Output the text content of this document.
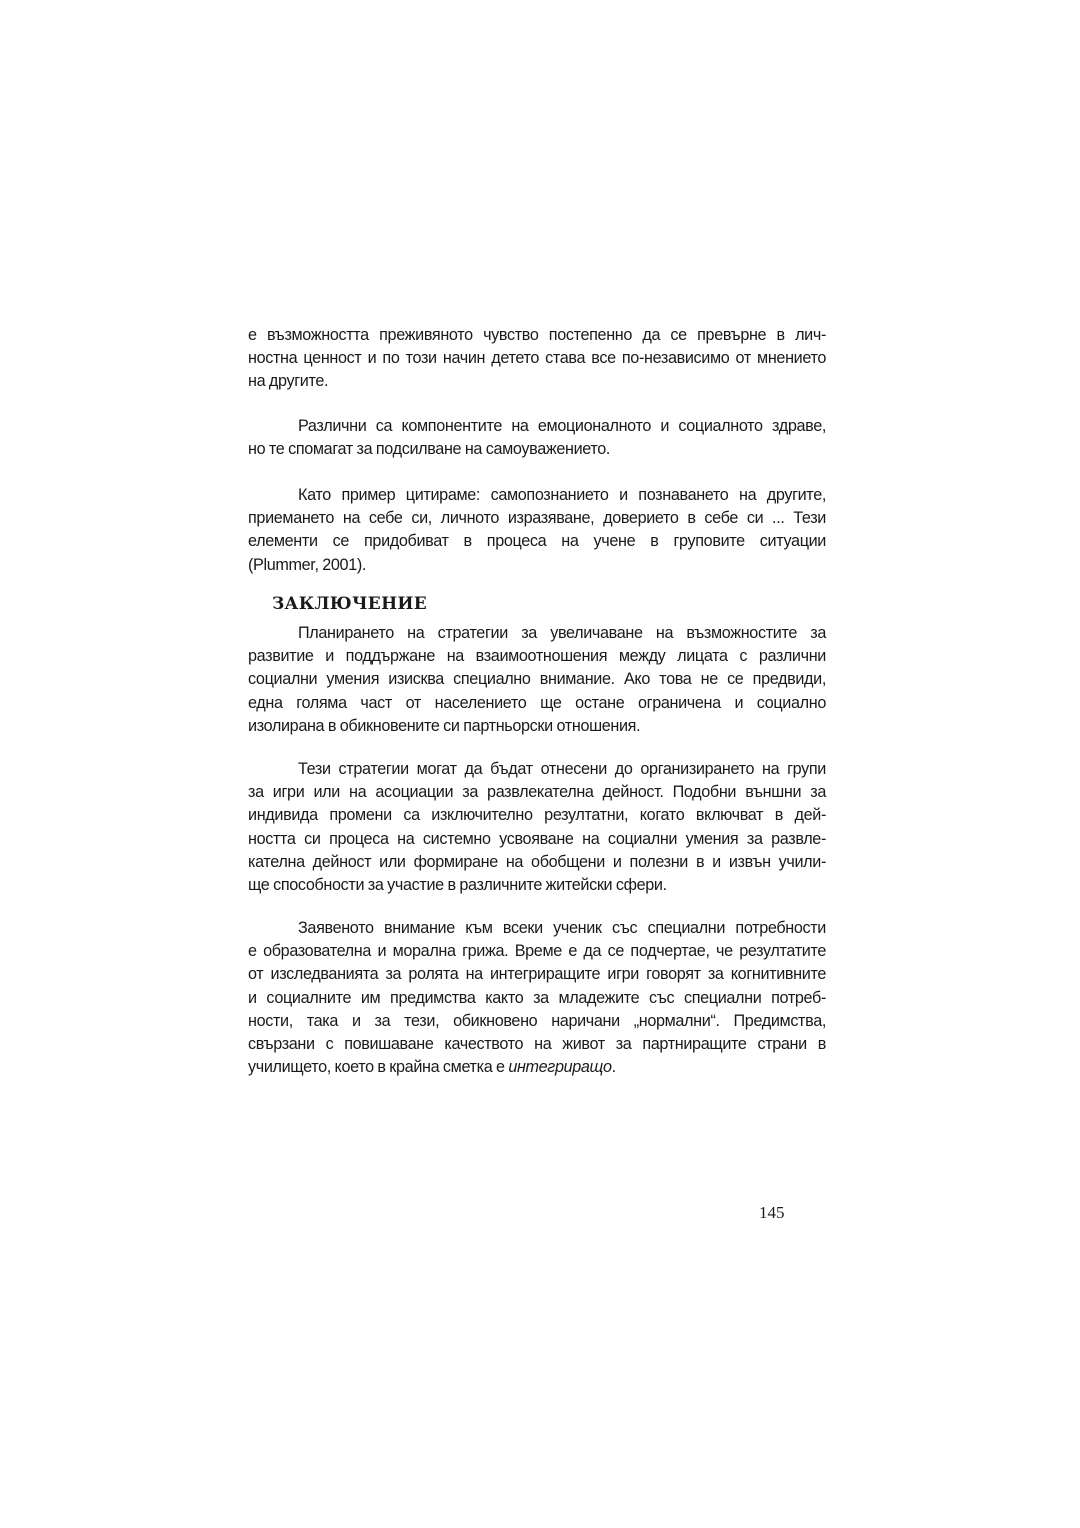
е възможността преживяното чувство постепенно да се превърне в лич-
ностна ценност и по този начин детето става все по-независимо от мнението
на другите.
Различни са компонентите на емоционалното и социалното здраве,
но те спомагат за подсилване на самоуважението.
Като пример цитираме: самопознанието и познаването на другите,
приемането на себе си, личното изразяване, доверието в себе си ... Тези
елементи се придобиват в процеса на учене в груповите ситуации
(Plummer, 2001).
ЗАКЛЮЧЕНИЕ
Планирането на стратегии за увеличаване на възможностите за
развитие и поддържане на взаимоотношения между лицата с различни
социални умения изисква специално внимание. Ако това не се предвиди,
една голяма част от населението ще остане ограничена и социално
изолирана в обикновените си партньорски отношения.
Тези стратегии могат да бъдат отнесени до организирането на групи
за игри или на асоциации за развлекателна дейност. Подобни външни за
индивида промени са изключително резултатни, когато включват в дей-
ността си процеса на системно усвояване на социални умения за развле-
кателна дейност или формиране на обобщени и полезни в и извън учили-
ще способности за участие в различните житейски сфери.
Заявеното внимание към всеки ученик със специални потребности
е образователна и морална грижа. Време е да се подчертае, че резултатите
от изследванията за ролята на интегриращите игри говорят за когнитивните
и социалните им предимства както за младежите със специални потреб-
ности, така и за тези, обикновено наричани „нормални“. Предимства,
свързани с повишаване качеството на живот за партниращите страни в
училището, което в крайна сметка е интегриращо.
145
